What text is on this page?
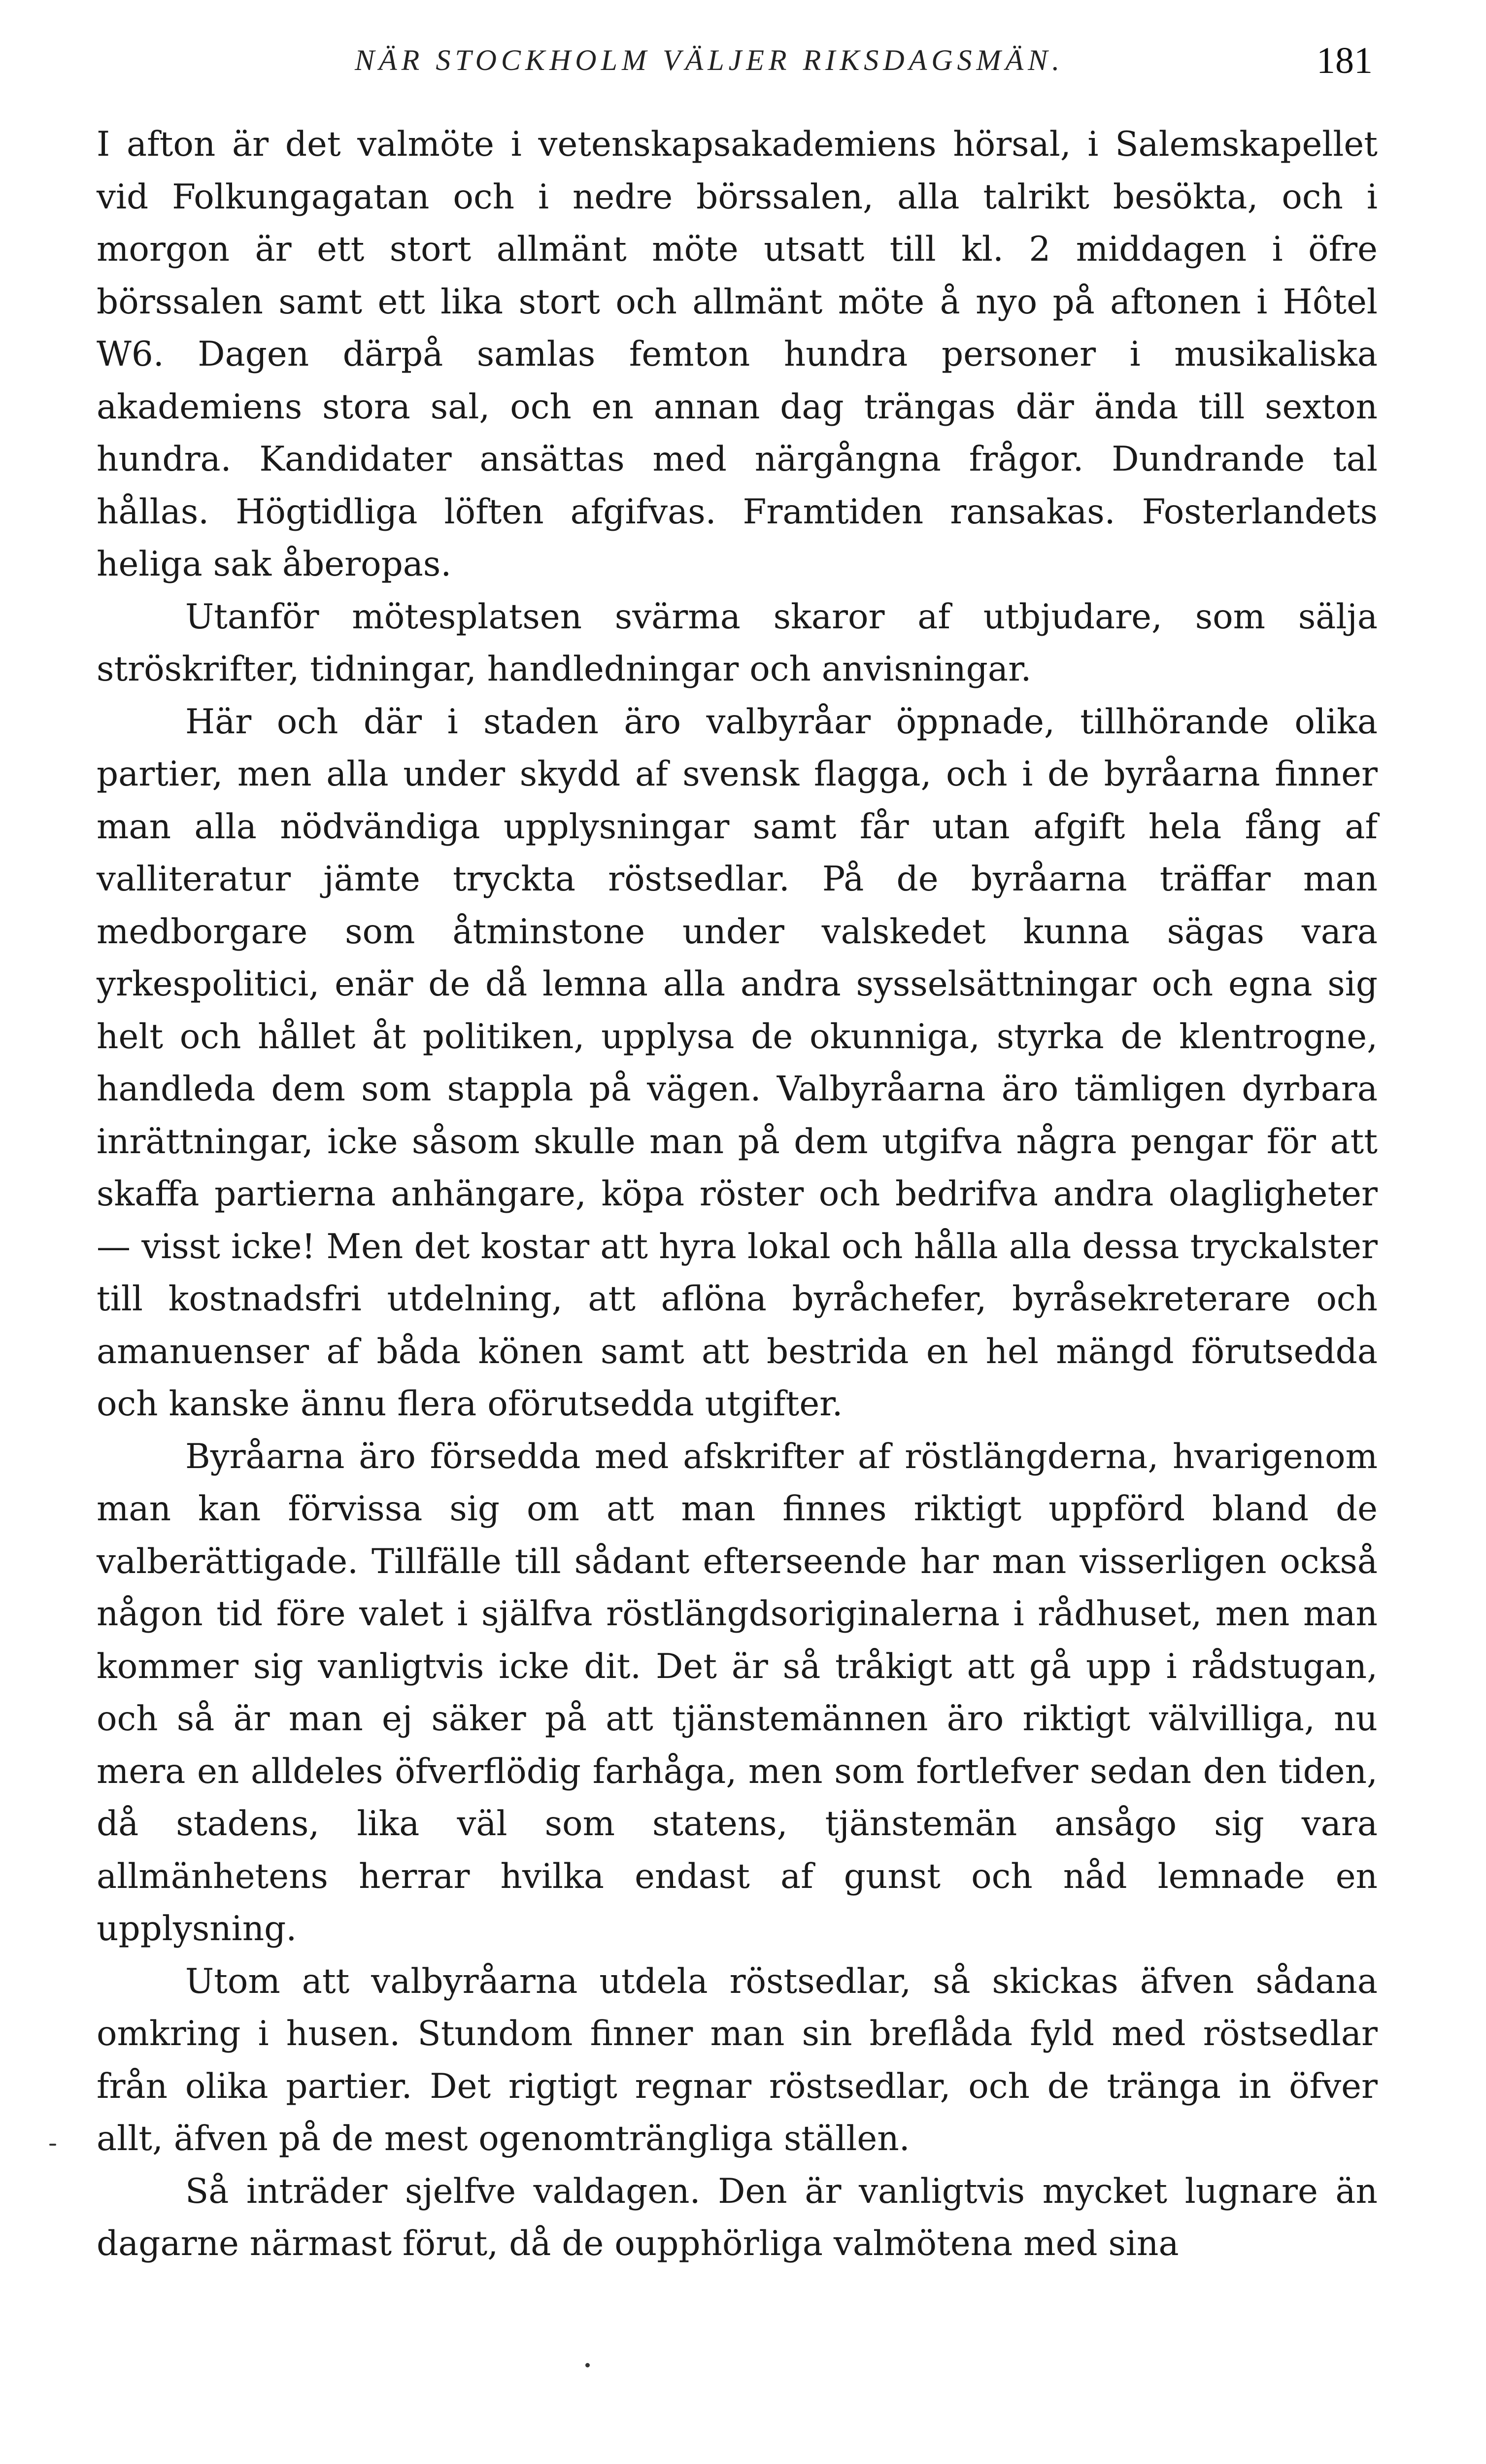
NÄR STOCKHOLM VÄLJER RIKSDAGSMÄN.	181

I afton är det valmöte i vetenskapsakademiens hörsal, i Salemskapellet vid Folkungagatan och i nedre börssalen, alla talrikt besökta, och i morgon är ett stort allmänt möte utsatt till kl. 2 middagen i öfre börssalen samt ett lika stort och allmänt möte å nyo på aftonen i Hôtel W6. Dagen därpå samlas femton hundra personer i musikaliska akademiens stora sal, och en annan dag trängas där ända till sexton hundra. Kandidater ansättas med närgångna frågor. Dundrande tal hållas. Högtidliga löften afgifvas. Framtiden ransakas. Fosterlandets heliga sak åberopas.

Utanför mötesplatsen svärma skaror af utbjudare, som sälja ströskrifter, tidningar, handledningar och anvisningar.

Här och där i staden äro valbyråar öppnade, tillhörande olika partier, men alla under skydd af svensk flagga, och i de byråarna finner man alla nödvändiga upplysningar samt får utan afgift hela fång af valliteratur jämte tryckta röstsedlar. På de byråarna träffar man medborgare som åtminstone under valskedet kunna sägas vara yrkespolitici, enär de då lemna alla andra sysselsättningar och egna sig helt och hållet åt politiken, upplysa de okunniga, styrka de klentrogne, handleda dem som stappla på vägen. Valbyråarna äro tämligen dyrbara inrättningar, icke såsom skulle man på dem utgifva några pengar för att skaffa partierna anhängare, köpa röster och bedrifva andra olagligheter — visst icke! Men det kostar att hyra lokal och hålla alla dessa tryckalster till kostnadsfri utdelning, att aflöna byråchefer, byråsekreterare och amanuenser af båda könen samt att bestrida en hel mängd förutsedda och kanske ännu flera oförutsedda utgifter.

Byråarna äro försedda med afskrifter af röstlängderna, hvarigenom man kan förvissa sig om att man finnes riktigt uppförd bland de valberättigade. Tillfälle till sådant efterseende har man visserligen också någon tid före valet i själfva röstlängdsoriginalerna i rådhuset, men man kommer sig vanligtvis icke dit. Det är så tråkigt att gå upp i rådstugan, och så är man ej säker på att tjänstemännen äro riktigt välvilliga, nu mera en alldeles öfverflödig farhåga, men som fortlefver sedan den tiden, då stadens, lika väl som statens, tjänstemän ansågo sig vara allmänhetens herrar hvilka endast af gunst och nåd lemnade en upplysning.

Utom att valbyråarna utdela röstsedlar, så skickas äfven sådana omkring i husen. Stundom finner man sin breflåda fyld med röstsedlar från olika partier. Det rigtigt regnar röstsedlar, och de tränga in öfver allt, äfven på de mest ogenomträngliga ställen.

Så inträder sjelfve valdagen. Den är vanligtvis mycket lugnare än dagarne närmast förut, då de oupphörliga valmötena med sina
